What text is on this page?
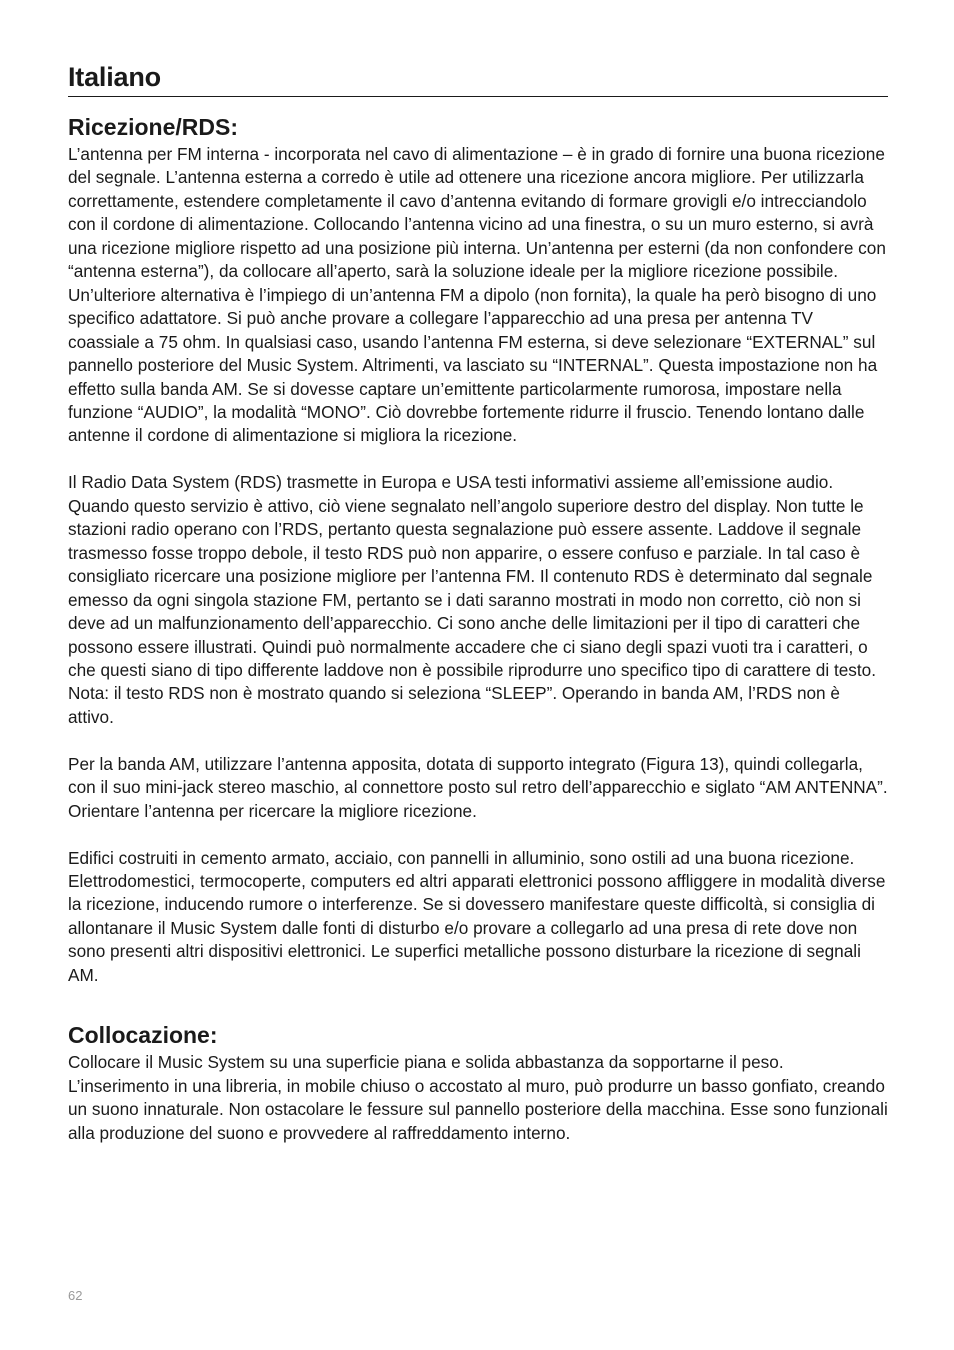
Italiano
Ricezione/RDS:

L’antenna per FM interna - incorporata nel cavo di alimentazione – è in grado di fornire una buona ricezione del segnale. L’antenna esterna a corredo è utile ad ottenere una ricezione ancora migliore. Per utilizzarla correttamente, estendere completamente il cavo d’antenna evitando di formare grovigli e/o intrecciandolo con il cordone di alimentazione. Collocando l’antenna vicino ad una finestra, o su un muro esterno, si avrà una ricezione migliore rispetto ad una posizione più interna. Un’antenna per esterni (da non confondere con “antenna esterna”), da collocare all’aperto, sarà la soluzione ideale per la migliore ricezione possibile. Un’ulteriore alternativa è l’impiego di un’antenna FM a dipolo (non fornita), la quale ha però bisogno di uno specifico adattatore. Si può anche provare a collegare l’apparecchio ad una presa per antenna TV coassiale a 75 ohm. In qualsiasi caso, usando l’antenna FM esterna, si deve selezionare “EXTERNAL” sul pannello posteriore del Music System. Altrimenti, va lasciato su “INTERNAL”. Questa impostazione non ha effetto sulla banda AM. Se si dovesse captare un’emittente particolarmente rumorosa, impostare nella funzione “AUDIO”, la modalità “MONO”. Ciò dovrebbe fortemente ridurre il fruscio. Tenendo lontano dalle antenne il cordone di alimentazione si migliora la ricezione.

Il Radio Data System (RDS) trasmette in Europa e USA testi informativi assieme all’emissione audio. Quando questo servizio è attivo, ciò viene segnalato nell’angolo superiore destro del display. Non tutte le stazioni radio operano con l’RDS, pertanto questa segnalazione può essere assente. Laddove il segnale trasmesso fosse troppo debole, il testo RDS può non apparire, o essere confuso e parziale. In tal caso è consigliato ricercare una posizione migliore per l’antenna FM. Il contenuto RDS è determinato dal segnale emesso da ogni singola stazione FM, pertanto se i dati saranno mostrati in modo non corretto, ciò non si deve ad un malfunzionamento dell’apparecchio. Ci sono anche delle limitazioni per il tipo di caratteri che possono essere illustrati. Quindi può normalmente accadere che ci siano degli spazi vuoti tra i caratteri, o che questi siano di tipo differente laddove non è possibile riprodurre uno specifico tipo di carattere di testo. Nota: il testo RDS non è mostrato quando si seleziona “SLEEP”. Operando in banda AM, l’RDS non è attivo.

Per la banda AM, utilizzare l’antenna apposita, dotata di supporto integrato (Figura 13), quindi collegarla, con il suo mini-jack stereo maschio, al connettore posto sul retro dell’apparecchio e siglato “AM ANTENNA”. Orientare l’antenna per ricercare la migliore ricezione.

Edifici costruiti in cemento armato, acciaio, con pannelli in alluminio, sono ostili ad una buona ricezione. Elettrodomestici, termocoperte, computers ed altri apparati elettronici possono affliggere in modalità diverse la ricezione, inducendo rumore o interferenze. Se si dovessero manifestare queste difficoltà, si consiglia di allontanare il Music System dalle fonti di disturbo e/o provare a collegarlo ad una presa di rete dove non sono presenti altri dispositivi elettronici. Le superfici metalliche possono disturbare la ricezione di segnali AM.

Collocazione:

Collocare il Music System su una superficie piana e solida abbastanza da sopportarne il peso. L’inserimento in una libreria, in mobile chiuso o accostato al muro, può produrre un basso gonfiato, creando un suono innaturale. Non ostacolare le fessure sul pannello posteriore della macchina. Esse sono funzionali alla produzione del suono e provvedere al raffreddamento interno.

62
